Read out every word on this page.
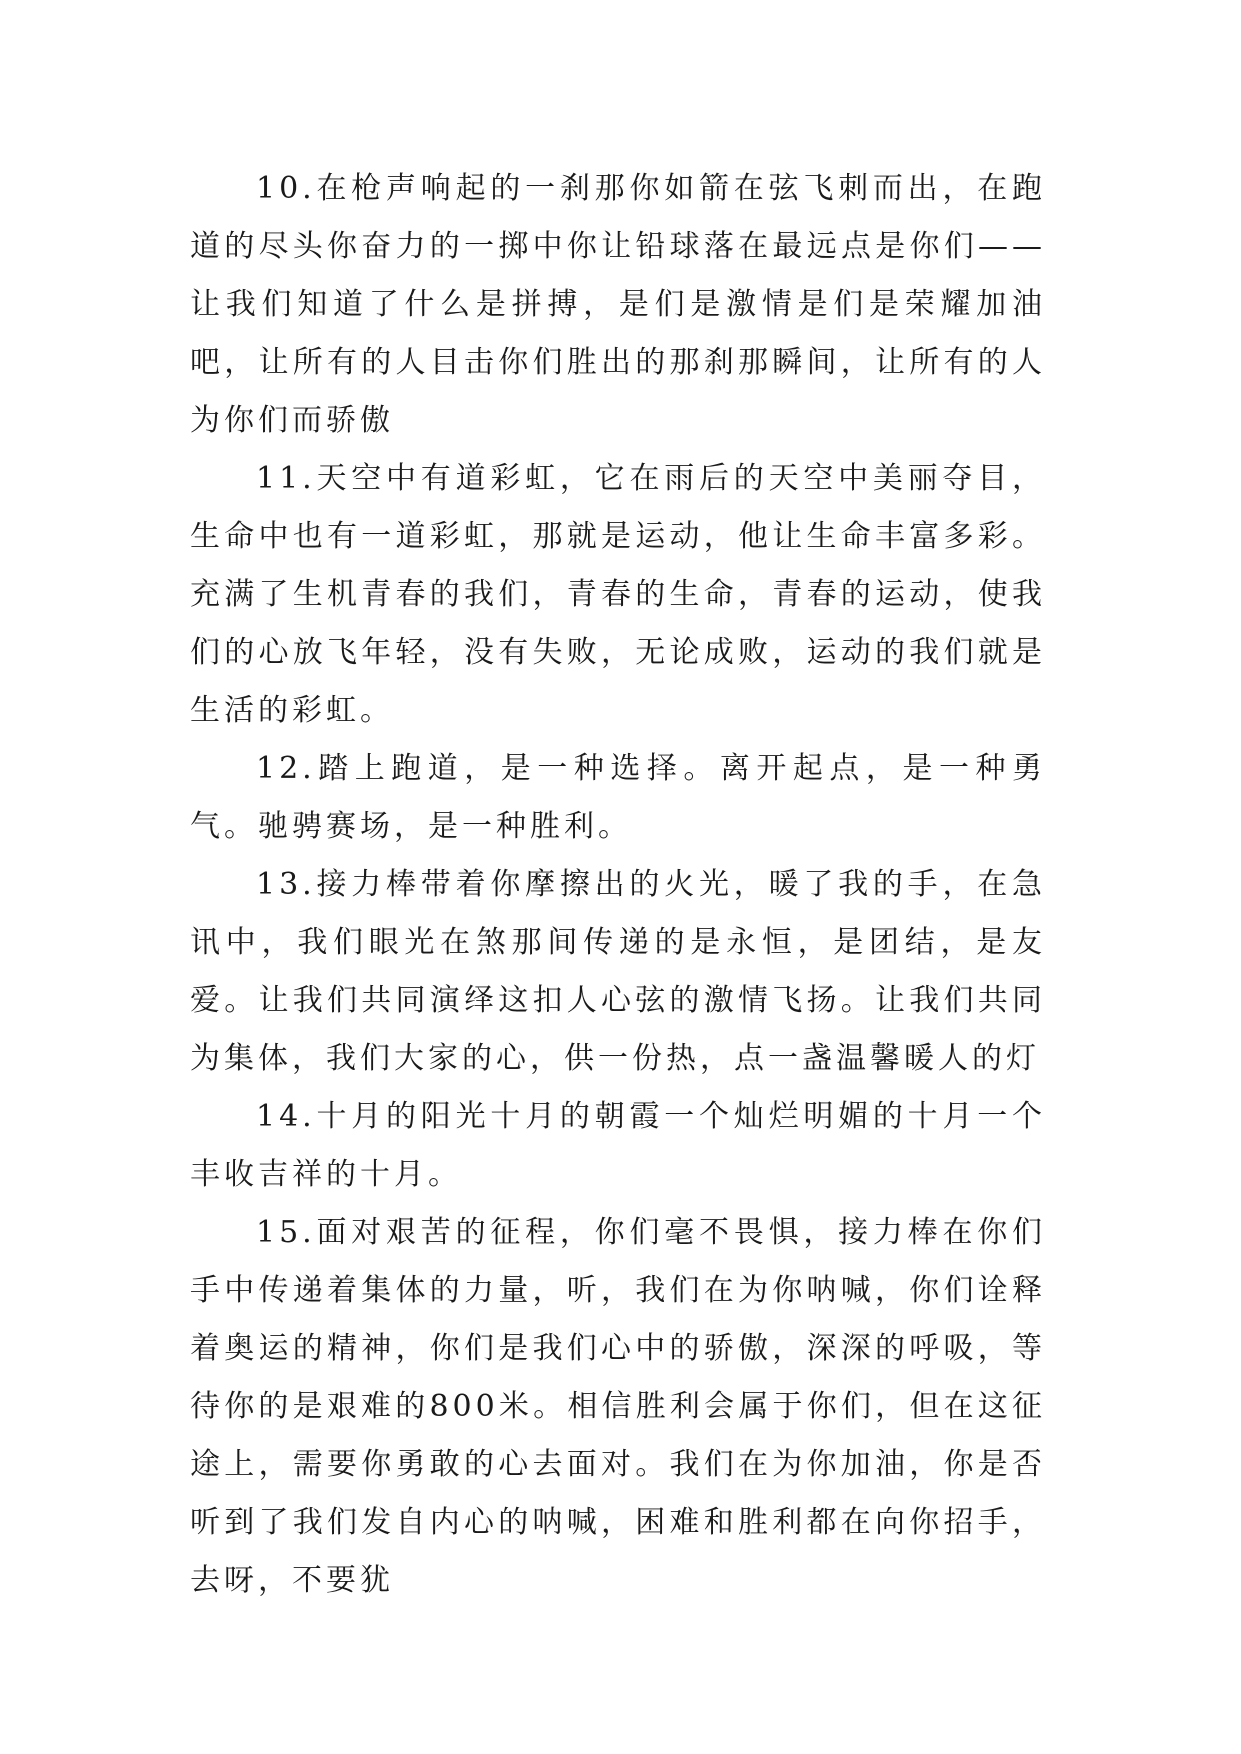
10.在枪声响起的一刹那你如箭在弦飞刺而出，在跑道的尽头你奋力的一掷中你让铅球落在最远点是你们——让我们知道了什么是拼搏，是们是激情是们是荣耀加油吧，让所有的人目击你们胜出的那刹那瞬间，让所有的人为你们而骄傲

11.天空中有道彩虹，它在雨后的天空中美丽夺目，生命中也有一道彩虹，那就是运动，他让生命丰富多彩。充满了生机青春的我们，青春的生命，青春的运动，使我们的心放飞年轻，没有失败，无论成败，运动的我们就是生活的彩虹。

12.踏上跑道，是一种选择。离开起点，是一种勇气。驰骋赛场，是一种胜利。

13.接力棒带着你摩擦出的火光，暖了我的手，在急讯中，我们眼光在煞那间传递的是永恒，是团结，是友爱。让我们共同演绎这扣人心弦的激情飞扬。让我们共同为集体，我们大家的心，供一份热，点一盏温馨暖人的灯

14.十月的阳光十月的朝霞一个灿烂明媚的十月一个丰收吉祥的十月。

15.面对艰苦的征程，你们毫不畏惧，接力棒在你们手中传递着集体的力量，听，我们在为你呐喊，你们诠释着奥运的精神，你们是我们心中的骄傲，深深的呼吸，等待你的是艰难的800米。相信胜利会属于你们，但在这征途上，需要你勇敢的心去面对。我们在为你加油，你是否听到了我们发自内心的呐喊，困难和胜利都在向你招手，去呀，不要犹
